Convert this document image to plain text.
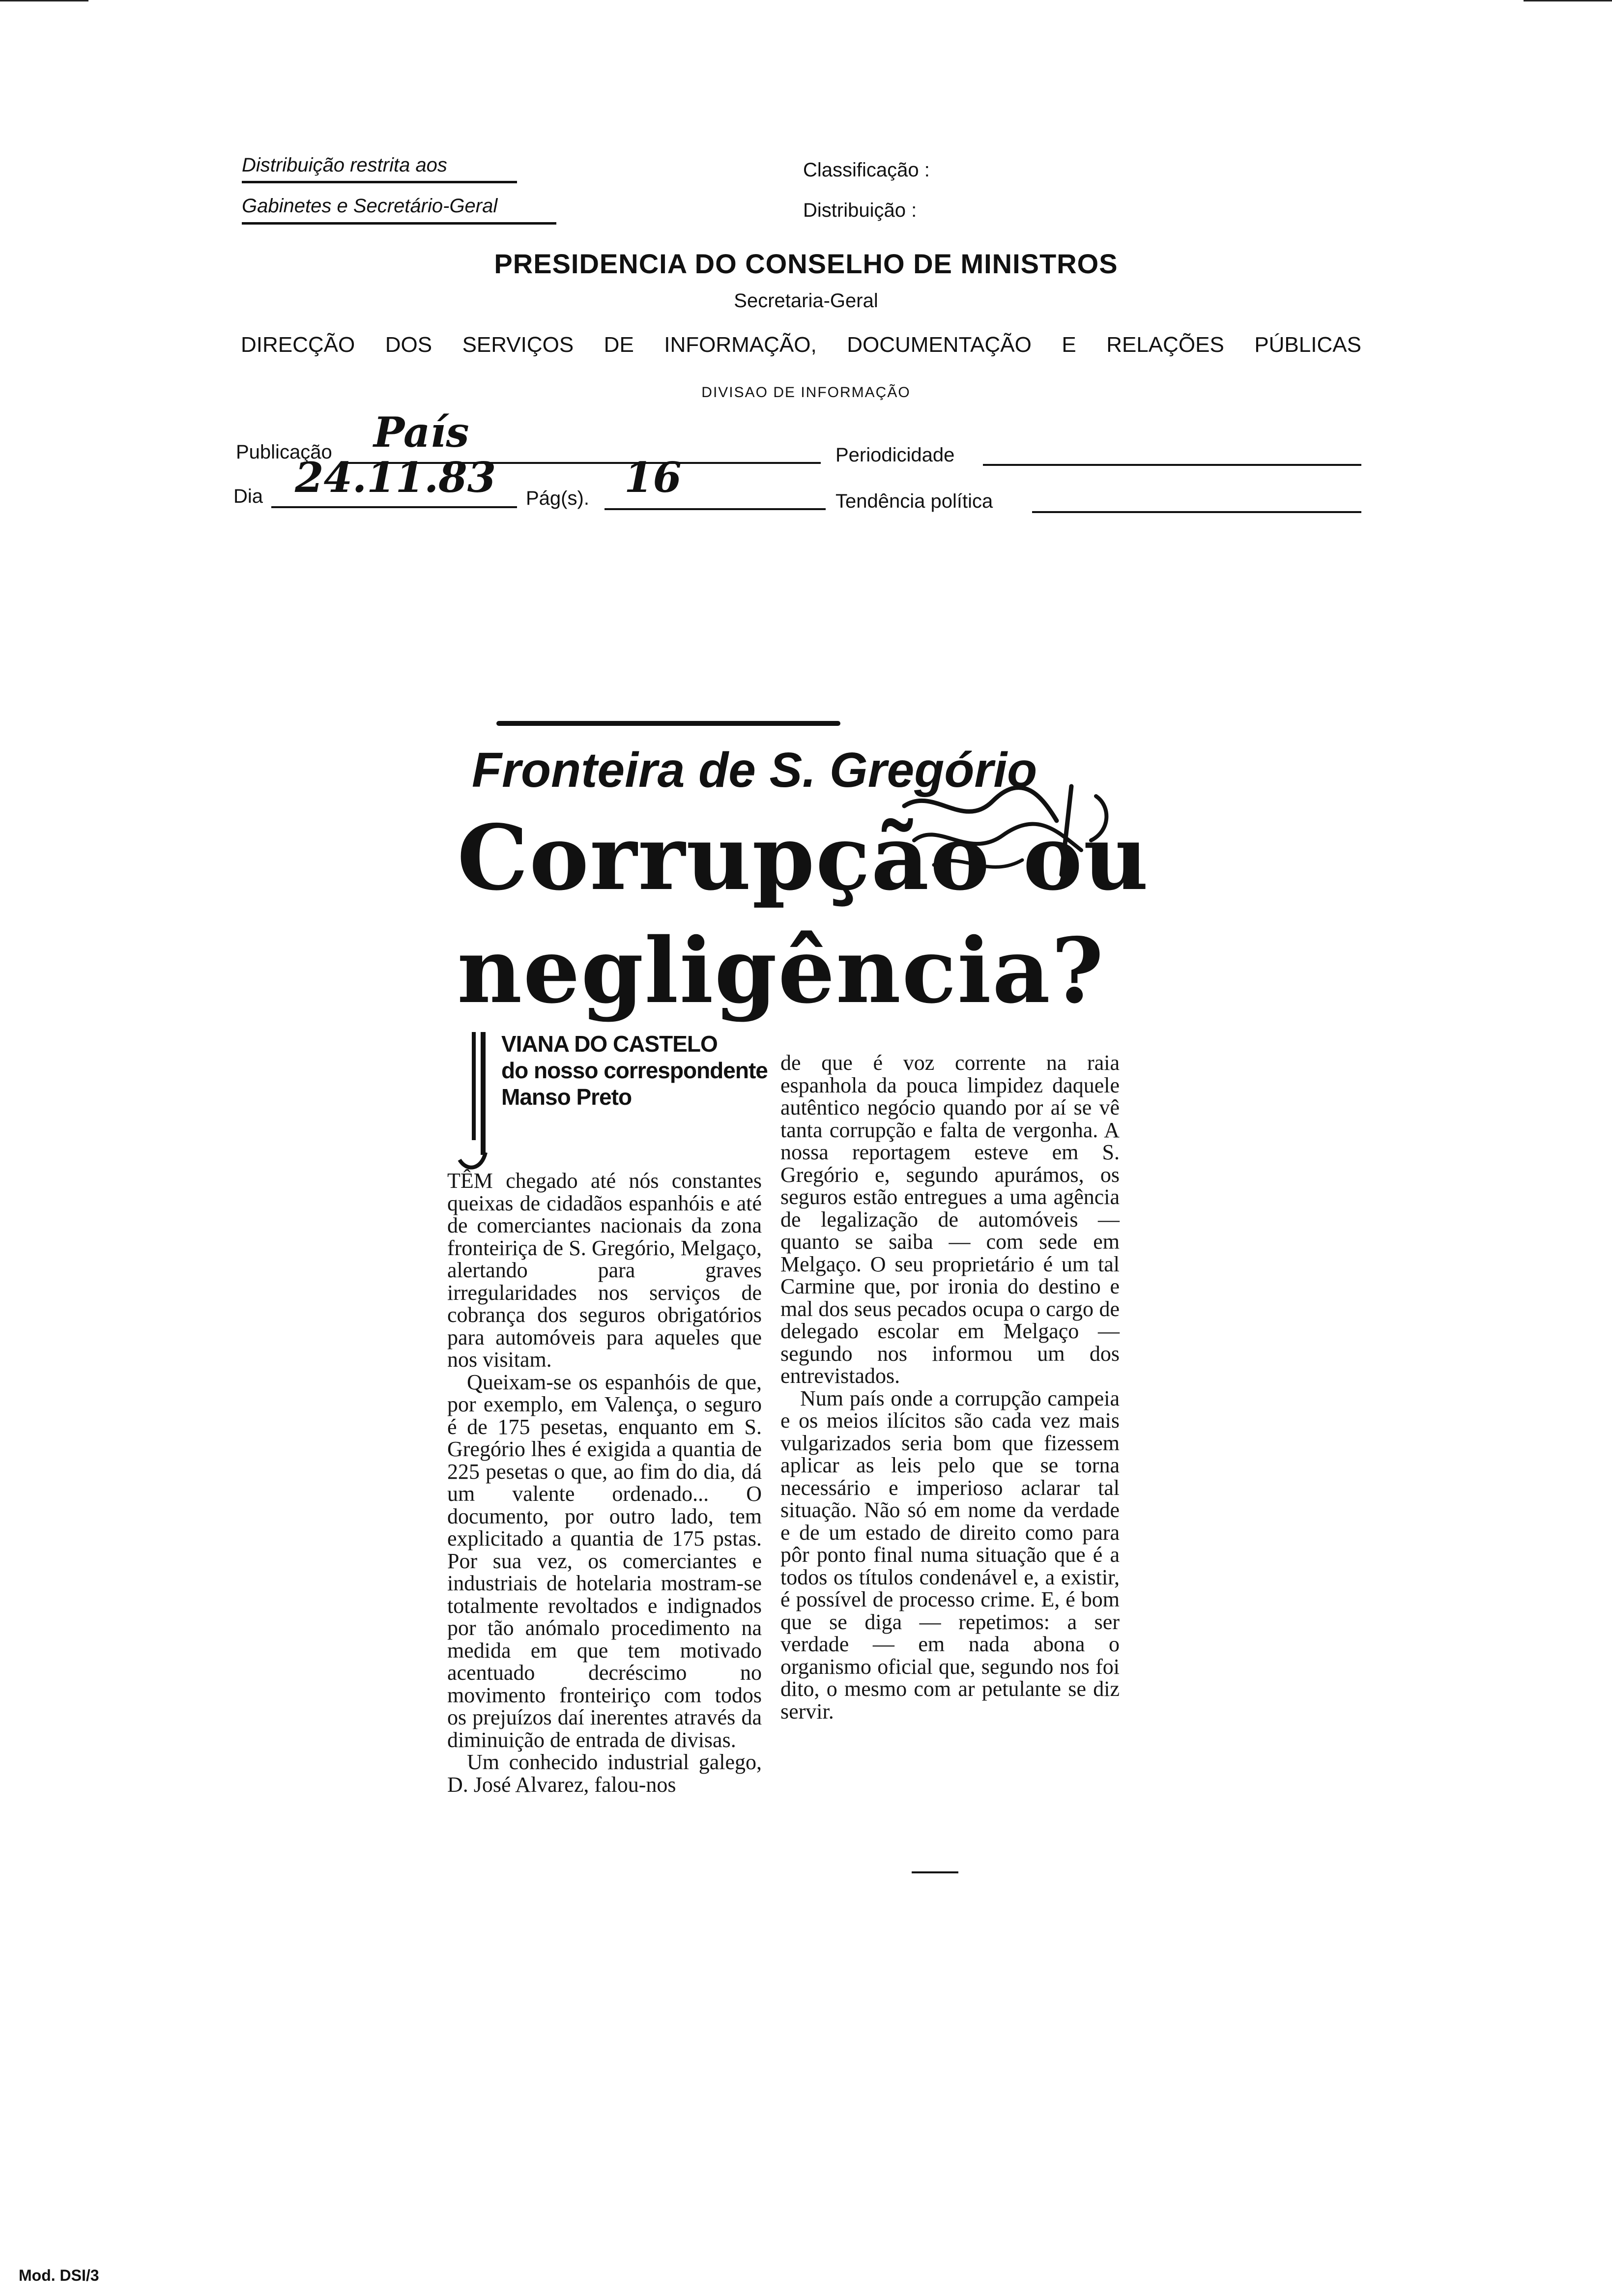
Distribuição restrita aos
Gabinetes e Secretário-Geral
Classificação :
Distribuição :
PRESIDENCIA DO CONSELHO DE MINISTROS
Secretaria-Geral
DIRECÇÃO DOS SERVIÇOS DE INFORMAÇÃO, DOCUMENTAÇÃO E RELAÇÕES PÚBLICAS
DIVISAO DE INFORMAÇÃO
Publicação País	Periodicidade
Dia 24.11.83 Pág(s). 16	Tendência política
Fronteira de S. Gregório
Corrupção ou
negligência?
VIANA DO CASTELO
do nosso correspondente
Manso Preto

TÊM chegado até nós constantes queixas de cidadãos espanhóis e até de comerciantes nacionais da zona fronteiriça de S. Gregório, Melgaço, alertando para graves irregularidades nos serviços de cobrança dos seguros obrigatórios para automóveis para aqueles que nos visitam.

Queixam-se os espanhóis de que, por exemplo, em Valença, o seguro é de 175 pesetas, enquanto em S. Gregório lhes é exigida a quantia de 225 pesetas o que, ao fim do dia, dá um valente ordenado... O documento, por outro lado, tem explicitado a quantia de 175 pstas. Por sua vez, os comerciantes e industriais de hotelaria mostram-se totalmente revoltados e indignados por tão anómalo procedimento na medida em que tem motivado acentuado decréscimo no movimento fronteiriço com todos os prejuízos daí inerentes através da diminuição de entrada de divisas.

Um conhecido industrial galego, D. José Alvarez, falou-nos

de que é voz corrente na raia espanhola da pouca limpidez daquele autêntico negócio quando por aí se vê tanta corrupção e falta de vergonha. A nossa reportagem esteve em S. Gregório e, segundo apurámos, os seguros estão entregues a uma agência de legalização de automóveis — quanto se saiba — com sede em Melgaço. O seu proprietário é um tal Carmine que, por ironia do destino e mal dos seus pecados ocupa o cargo de delegado escolar em Melgaço — segundo nos informou um dos entrevistados.

Num país onde a corrupção campeia e os meios ilícitos são cada vez mais vulgarizados seria bom que fizessem aplicar as leis pelo que se torna necessário e imperioso aclarar tal situação. Não só em nome da verdade e de um estado de direito como para pôr ponto final numa situação que é a todos os títulos condenável e, a existir, é possível de processo crime. E, é bom que se diga — repetimos: a ser verdade — em nada abona o organismo oficial que, segundo nos foi dito, o mesmo com ar petulante se diz servir.

Mod. DSI/3
